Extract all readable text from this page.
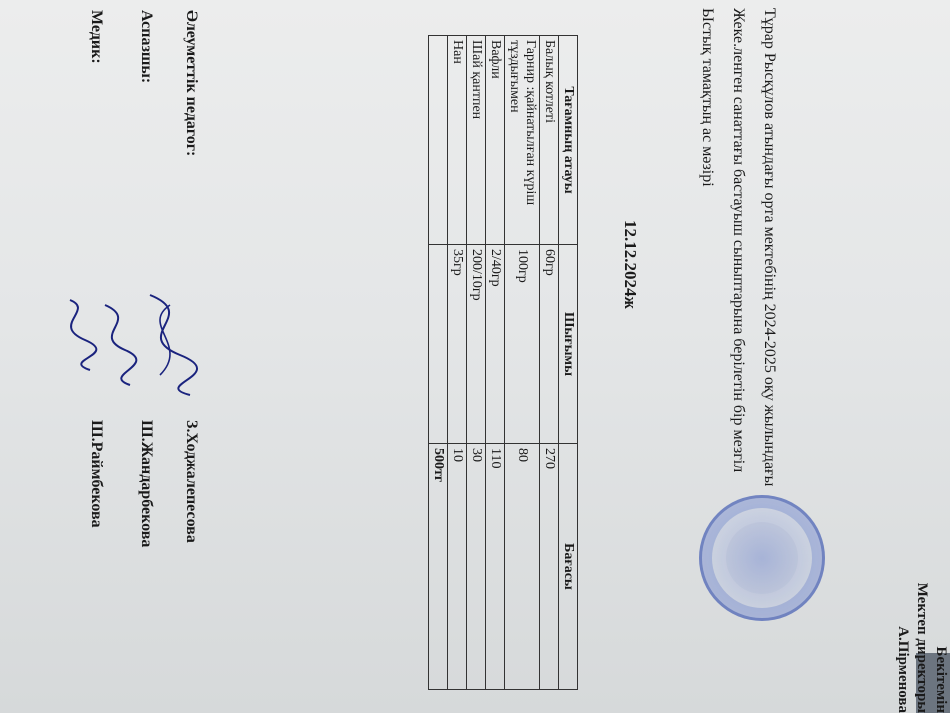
Бекітемін
Мектеп директоры
А.Пірменова

Тұрар Рысқұлов атындағы орта мектебінің 2024-2025 оқу жылындағы

Жеке.ленген санаттағы бастауыш сыныптарына берілетін бір мезгіл

Ыстық тамақтың ас мәзірі

12.12.2024ж
Тағамның атауы	Шығымы	Бағасы
Балық котлеті	60гр	270
Гарнир :қайнатылған күріш тұздығымен	100гр	80
Вафли	2/40гр	110
Шай қантпен	200/10гр	30
Нан	35гр	10
		500тг
Әлеуметтік педагог:
З.Ходжалепесова
Аспазшы:
Ш.Жандарбекова
Медик:
Ш.Раймбекова
